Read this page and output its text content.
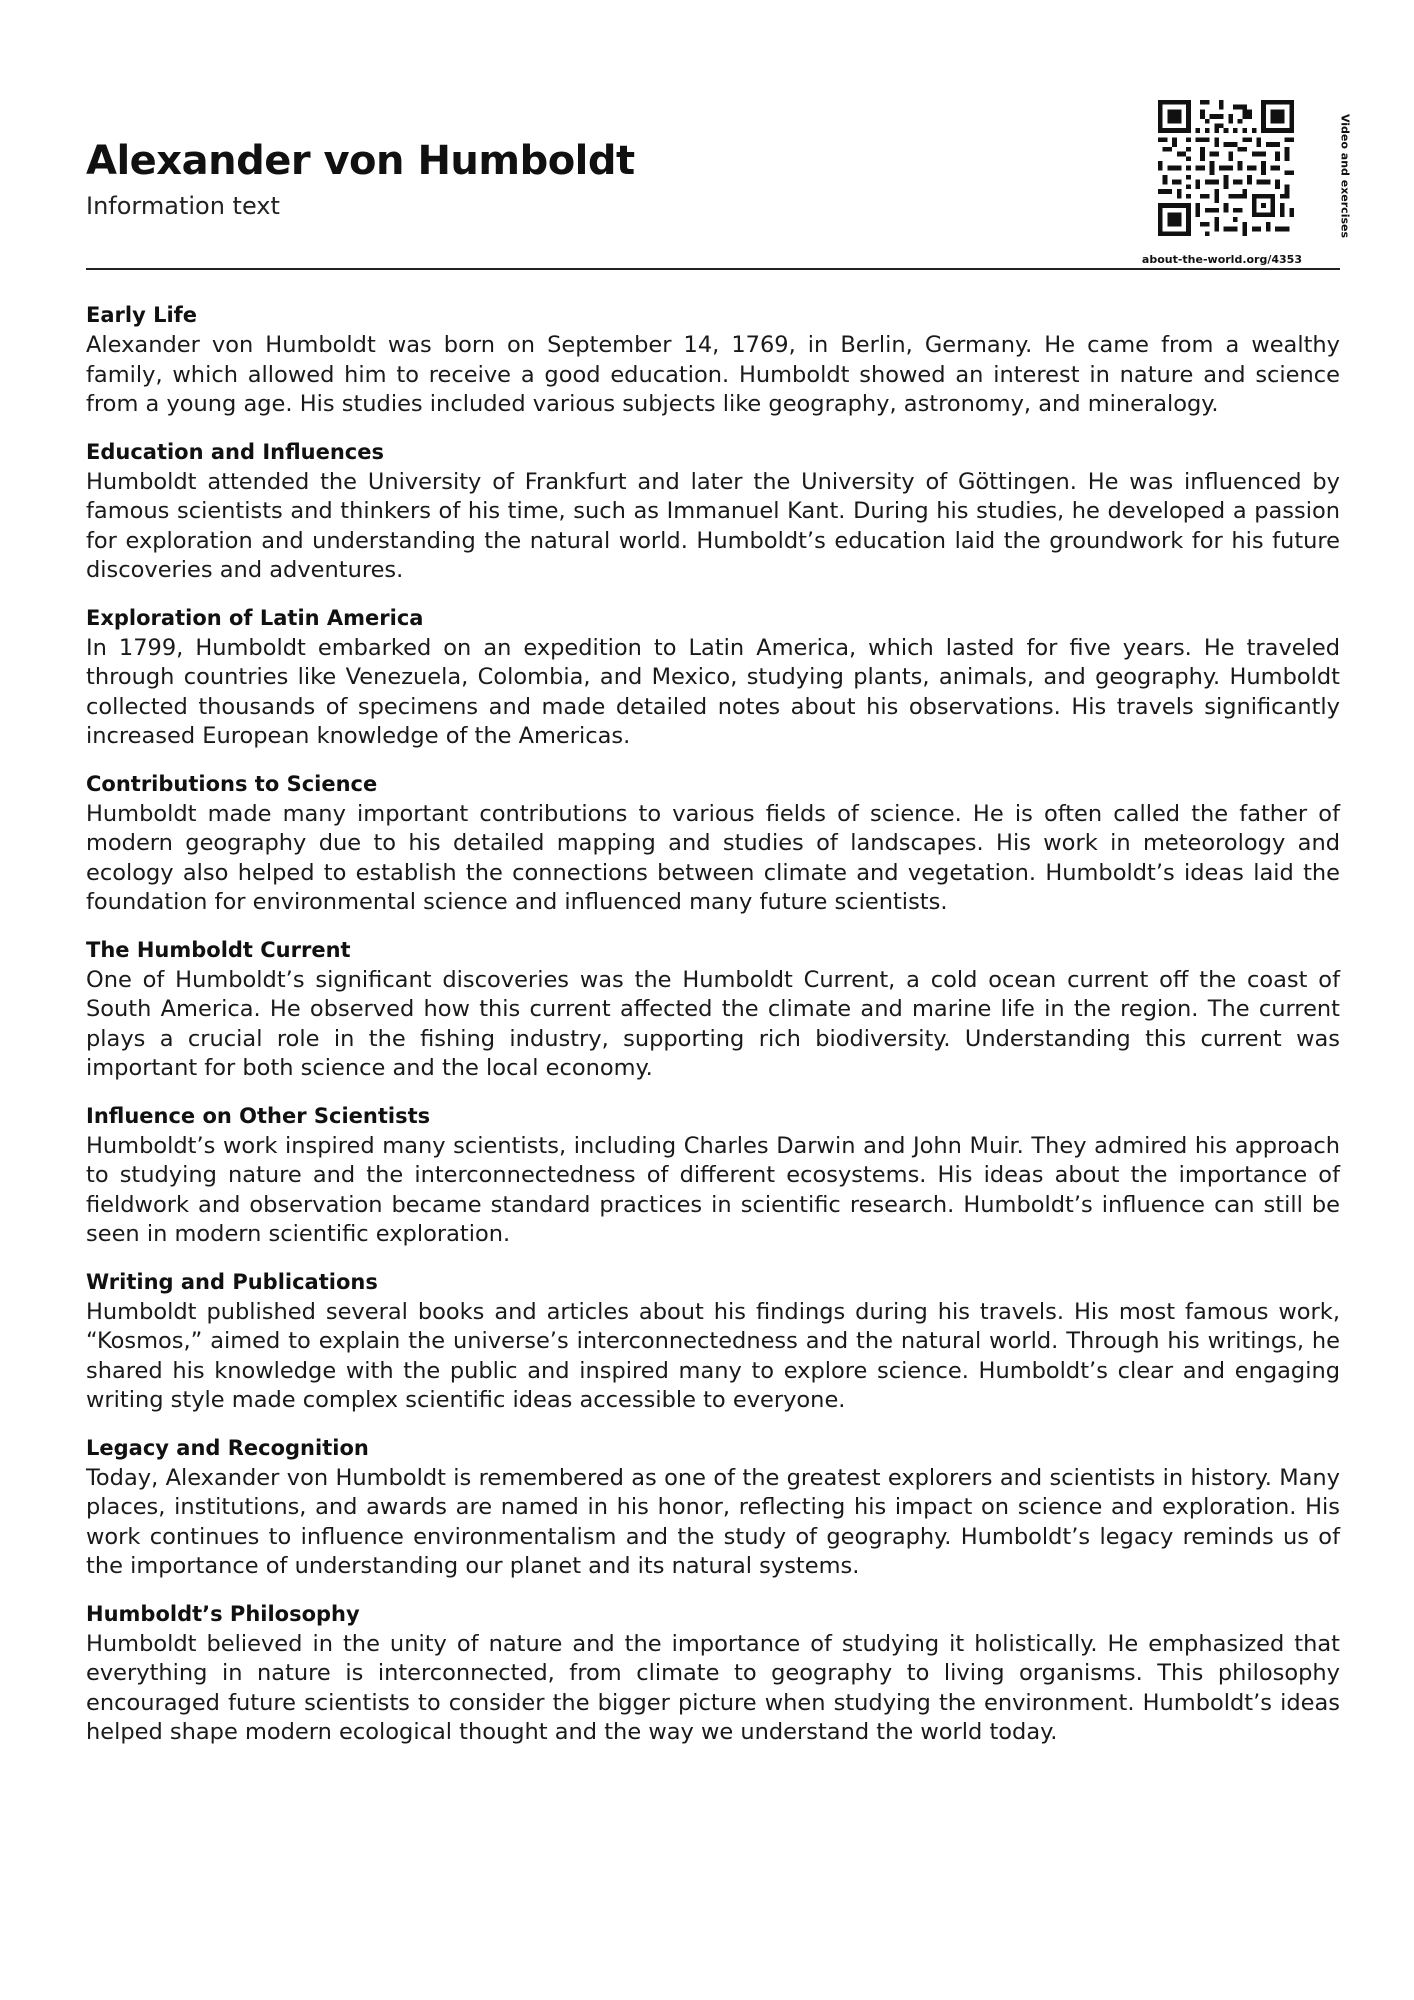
Alexander von Humboldt
Information text	Video and exercises
about-the-world.org/4353
Early Life

Alexander von Humboldt was born on September 14, 1769, in Berlin, Germany. He came from a wealthy family, which allowed him to receive a good education. Humboldt showed an interest in nature and science from a young age. His studies included various subjects like geography, astronomy, and mineralogy.

Education and Influences

Humboldt attended the University of Frankfurt and later the University of Göttingen. He was influenced by famous scientists and thinkers of his time, such as Immanuel Kant. During his studies, he developed a passion for exploration and understanding the natural world. Humboldt’s education laid the groundwork for his future discoveries and adventures.

Exploration of Latin America

In 1799, Humboldt embarked on an expedition to Latin America, which lasted for five years. He traveled through countries like Venezuela, Colombia, and Mexico, studying plants, animals, and geography. Humboldt collected thousands of specimens and made detailed notes about his observations. His travels significantly increased European knowledge of the Americas.

Contributions to Science

Humboldt made many important contributions to various fields of science. He is often called the father of modern geography due to his detailed mapping and studies of landscapes. His work in meteorology and ecology also helped to establish the connections between climate and vegetation. Humboldt’s ideas laid the foundation for environmental science and influenced many future scientists.

The Humboldt Current

One of Humboldt’s significant discoveries was the Humboldt Current, a cold ocean current off the coast of South America. He observed how this current affected the climate and marine life in the region. The current plays a crucial role in the fishing industry, supporting rich biodiversity. Understanding this current was important for both science and the local economy.

Influence on Other Scientists

Humboldt’s work inspired many scientists, including Charles Darwin and John Muir. They admired his approach to studying nature and the interconnectedness of different ecosystems. His ideas about the importance of fieldwork and observation became standard practices in scientific research. Humboldt’s influence can still be seen in modern scientific exploration.

Writing and Publications

Humboldt published several books and articles about his findings during his travels. His most famous work, “Kosmos,” aimed to explain the universe’s interconnectedness and the natural world. Through his writings, he shared his knowledge with the public and inspired many to explore science. Humboldt’s clear and engaging writing style made complex scientific ideas accessible to everyone.

Legacy and Recognition

Today, Alexander von Humboldt is remembered as one of the greatest explorers and scientists in history. Many places, institutions, and awards are named in his honor, reflecting his impact on science and exploration. His work continues to influence environmentalism and the study of geography. Humboldt’s legacy reminds us of the importance of understanding our planet and its natural systems.

Humboldt’s Philosophy

Humboldt believed in the unity of nature and the importance of studying it holistically. He emphasized that everything in nature is interconnected, from climate to geography to living organisms. This philosophy encouraged future scientists to consider the bigger picture when studying the environment. Humboldt’s ideas helped shape modern ecological thought and the way we understand the world today.
